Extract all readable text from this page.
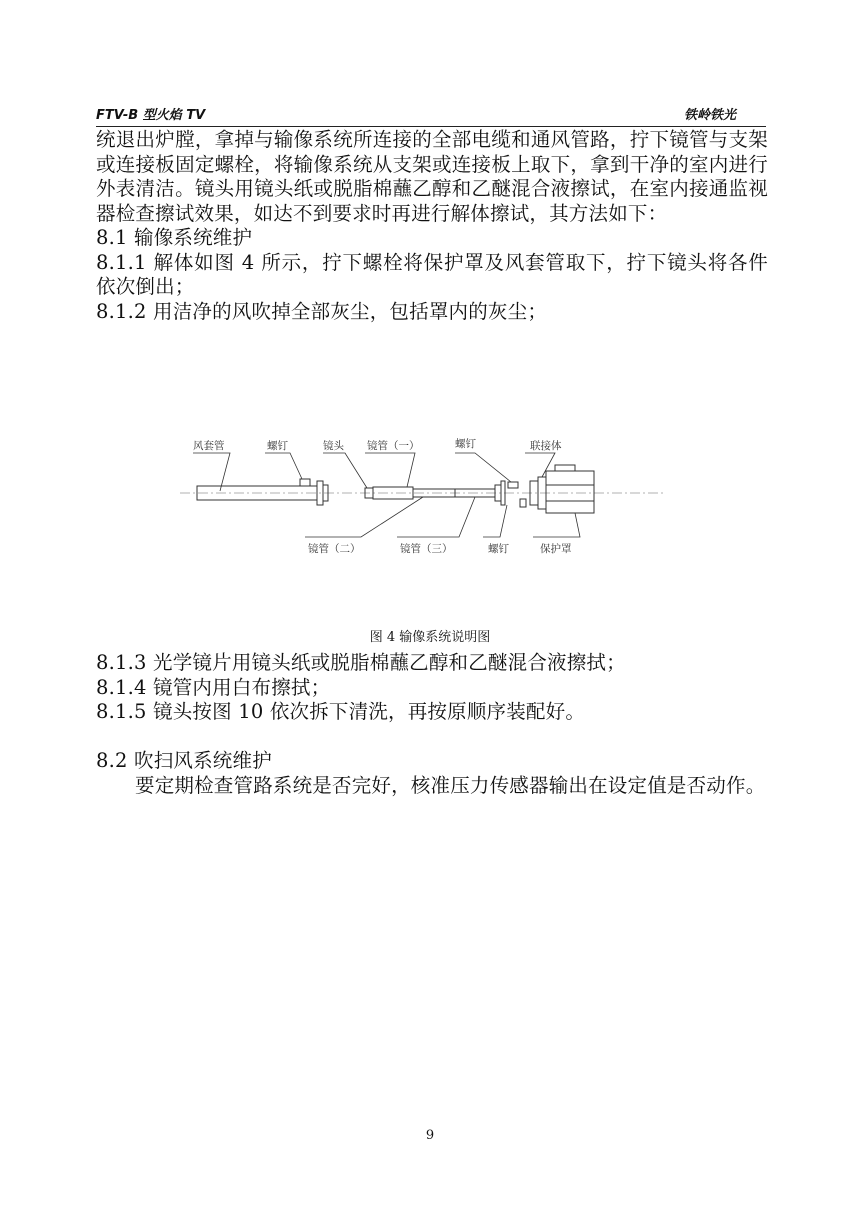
FTV-B 型火焰 TV	铁岭铁光

统退出炉膛，拿掉与输像系统所连接的全部电缆和通风管路，拧下镜管与支架或连接板固定螺栓，将输像系统从支架或连接板上取下，拿到干净的室内进行外表清洁。镜头用镜头纸或脱脂棉蘸乙醇和乙醚混合液擦试，在室内接通监视器检查擦试效果，如达不到要求时再进行解体擦试，其方法如下：

8.1 输像系统维护

8.1.1 解体如图 4 所示，拧下螺栓将保护罩及风套管取下，拧下镜头将各件依次倒出；

8.1.2 用洁净的风吹掉全部灰尘，包括罩内的灰尘；

风套管	螺钉	镜头 镜管（一）	螺钉	联接体
镜管（二）	镜管（三）	螺钉	保护罩
图 4 输像系统说明图

8.1.3 光学镜片用镜头纸或脱脂棉蘸乙醇和乙醚混合液擦拭；

8.1.4 镜管内用白布擦拭；

8.1.5 镜头按图 10 依次拆下清洗，再按原顺序装配好。

8.2 吹扫风系统维护

要定期检查管路系统是否完好，核准压力传感器输出在设定值是否动作。

9
